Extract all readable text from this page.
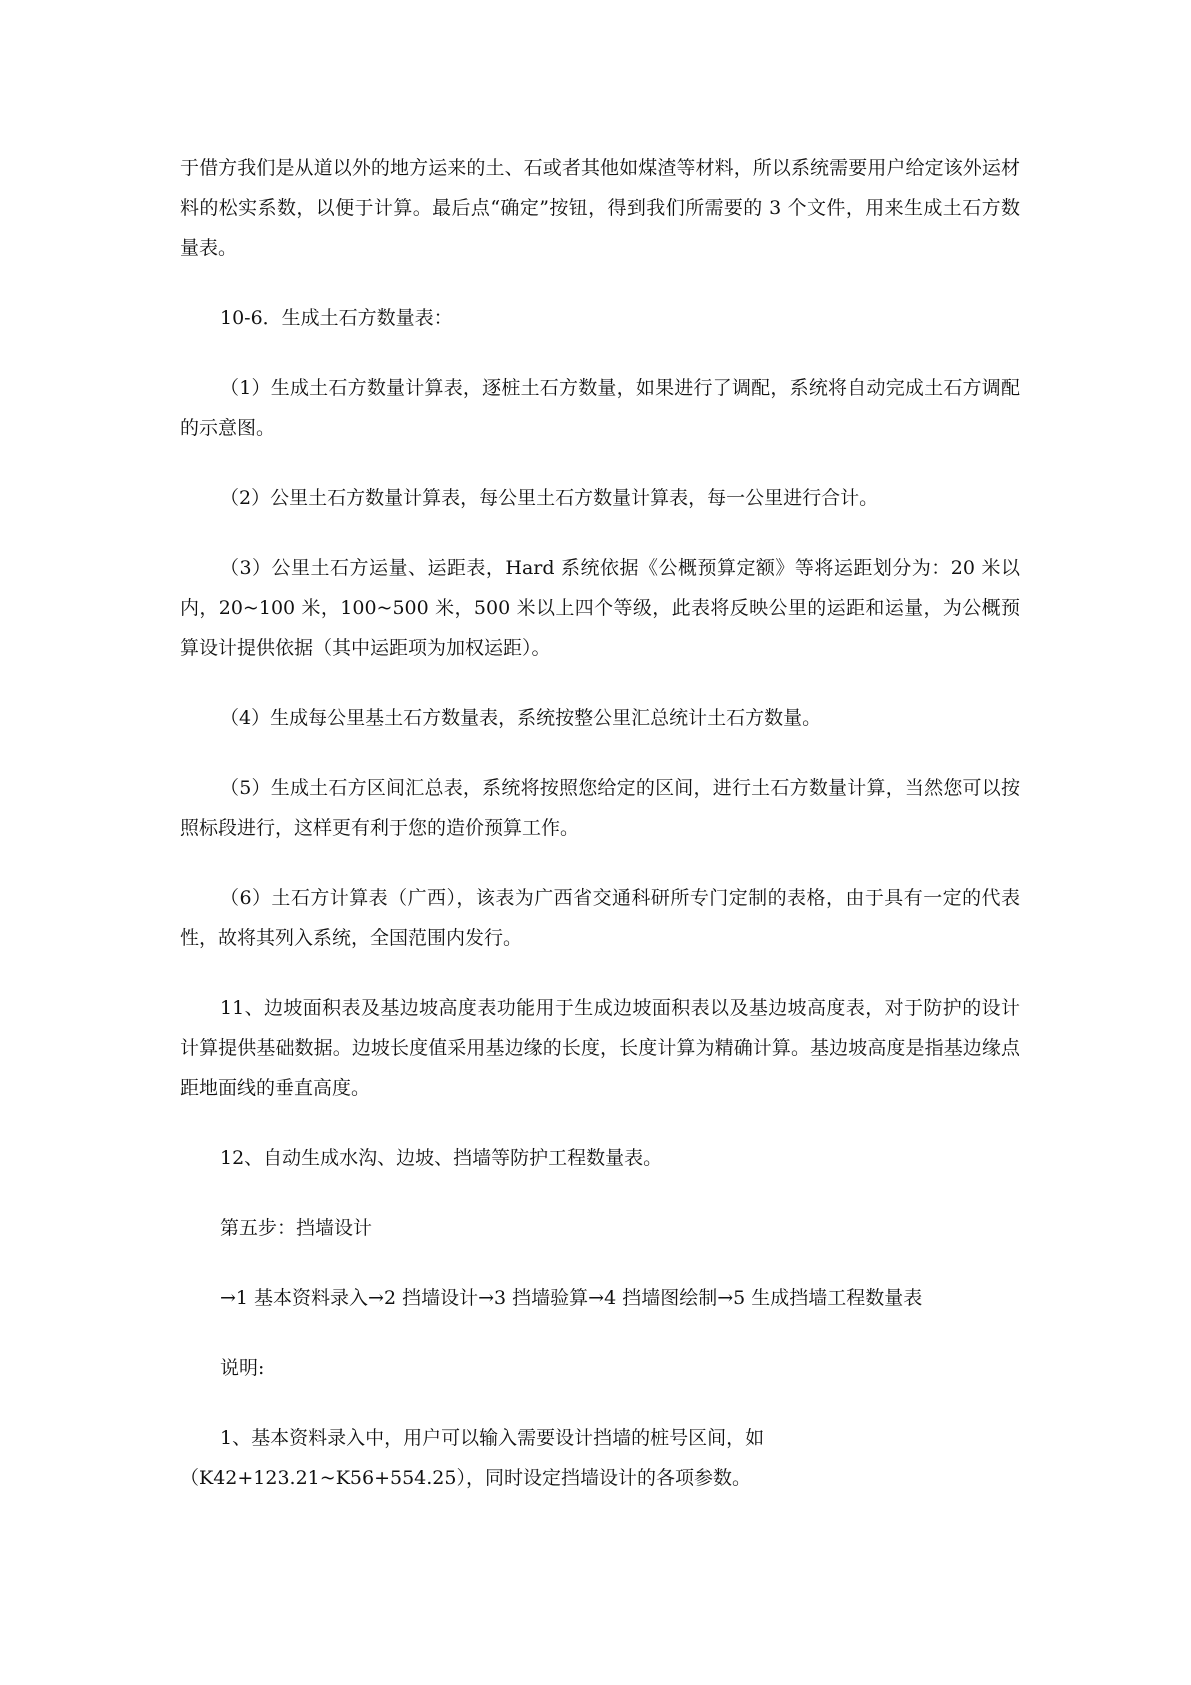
于借方我们是从道以外的地方运来的土、石或者其他如煤渣等材料，所以系统需要用户给定该外运材料的松实系数，以便于计算。最后点“确定”按钮，得到我们所需要的 3 个文件，用来生成土石方数量表。

10-6．生成土石方数量表：

（1）生成土石方数量计算表，逐桩土石方数量，如果进行了调配，系统将自动完成土石方调配的示意图。

（2）公里土石方数量计算表，每公里土石方数量计算表，每一公里进行合计。

（3）公里土石方运量、运距表，Hard 系统依据《公概预算定额》等将运距划分为：20 米以内，20~100 米，100~500 米，500 米以上四个等级，此表将反映公里的运距和运量，为公概预算设计提供依据（其中运距项为加权运距）。

（4）生成每公里基土石方数量表，系统按整公里汇总统计土石方数量。

（5）生成土石方区间汇总表，系统将按照您给定的区间，进行土石方数量计算，当然您可以按照标段进行，这样更有利于您的造价预算工作。

（6）土石方计算表（广西），该表为广西省交通科研所专门定制的表格，由于具有一定的代表性，故将其列入系统，全国范围内发行。

11、边坡面积表及基边坡高度表功能用于生成边坡面积表以及基边坡高度表，对于防护的设计计算提供基础数据。边坡长度值采用基边缘的长度，长度计算为精确计算。基边坡高度是指基边缘点距地面线的垂直高度。

12、自动生成水沟、边坡、挡墙等防护工程数量表。

第五步：挡墙设计

→1 基本资料录入→2 挡墙设计→3 挡墙验算→4 挡墙图绘制→5 生成挡墙工程数量表

说明:

1、基本资料录入中，用户可以输入需要设计挡墙的桩号区间，如

（K42+123.21~K56+554.25），同时设定挡墙设计的各项参数。
